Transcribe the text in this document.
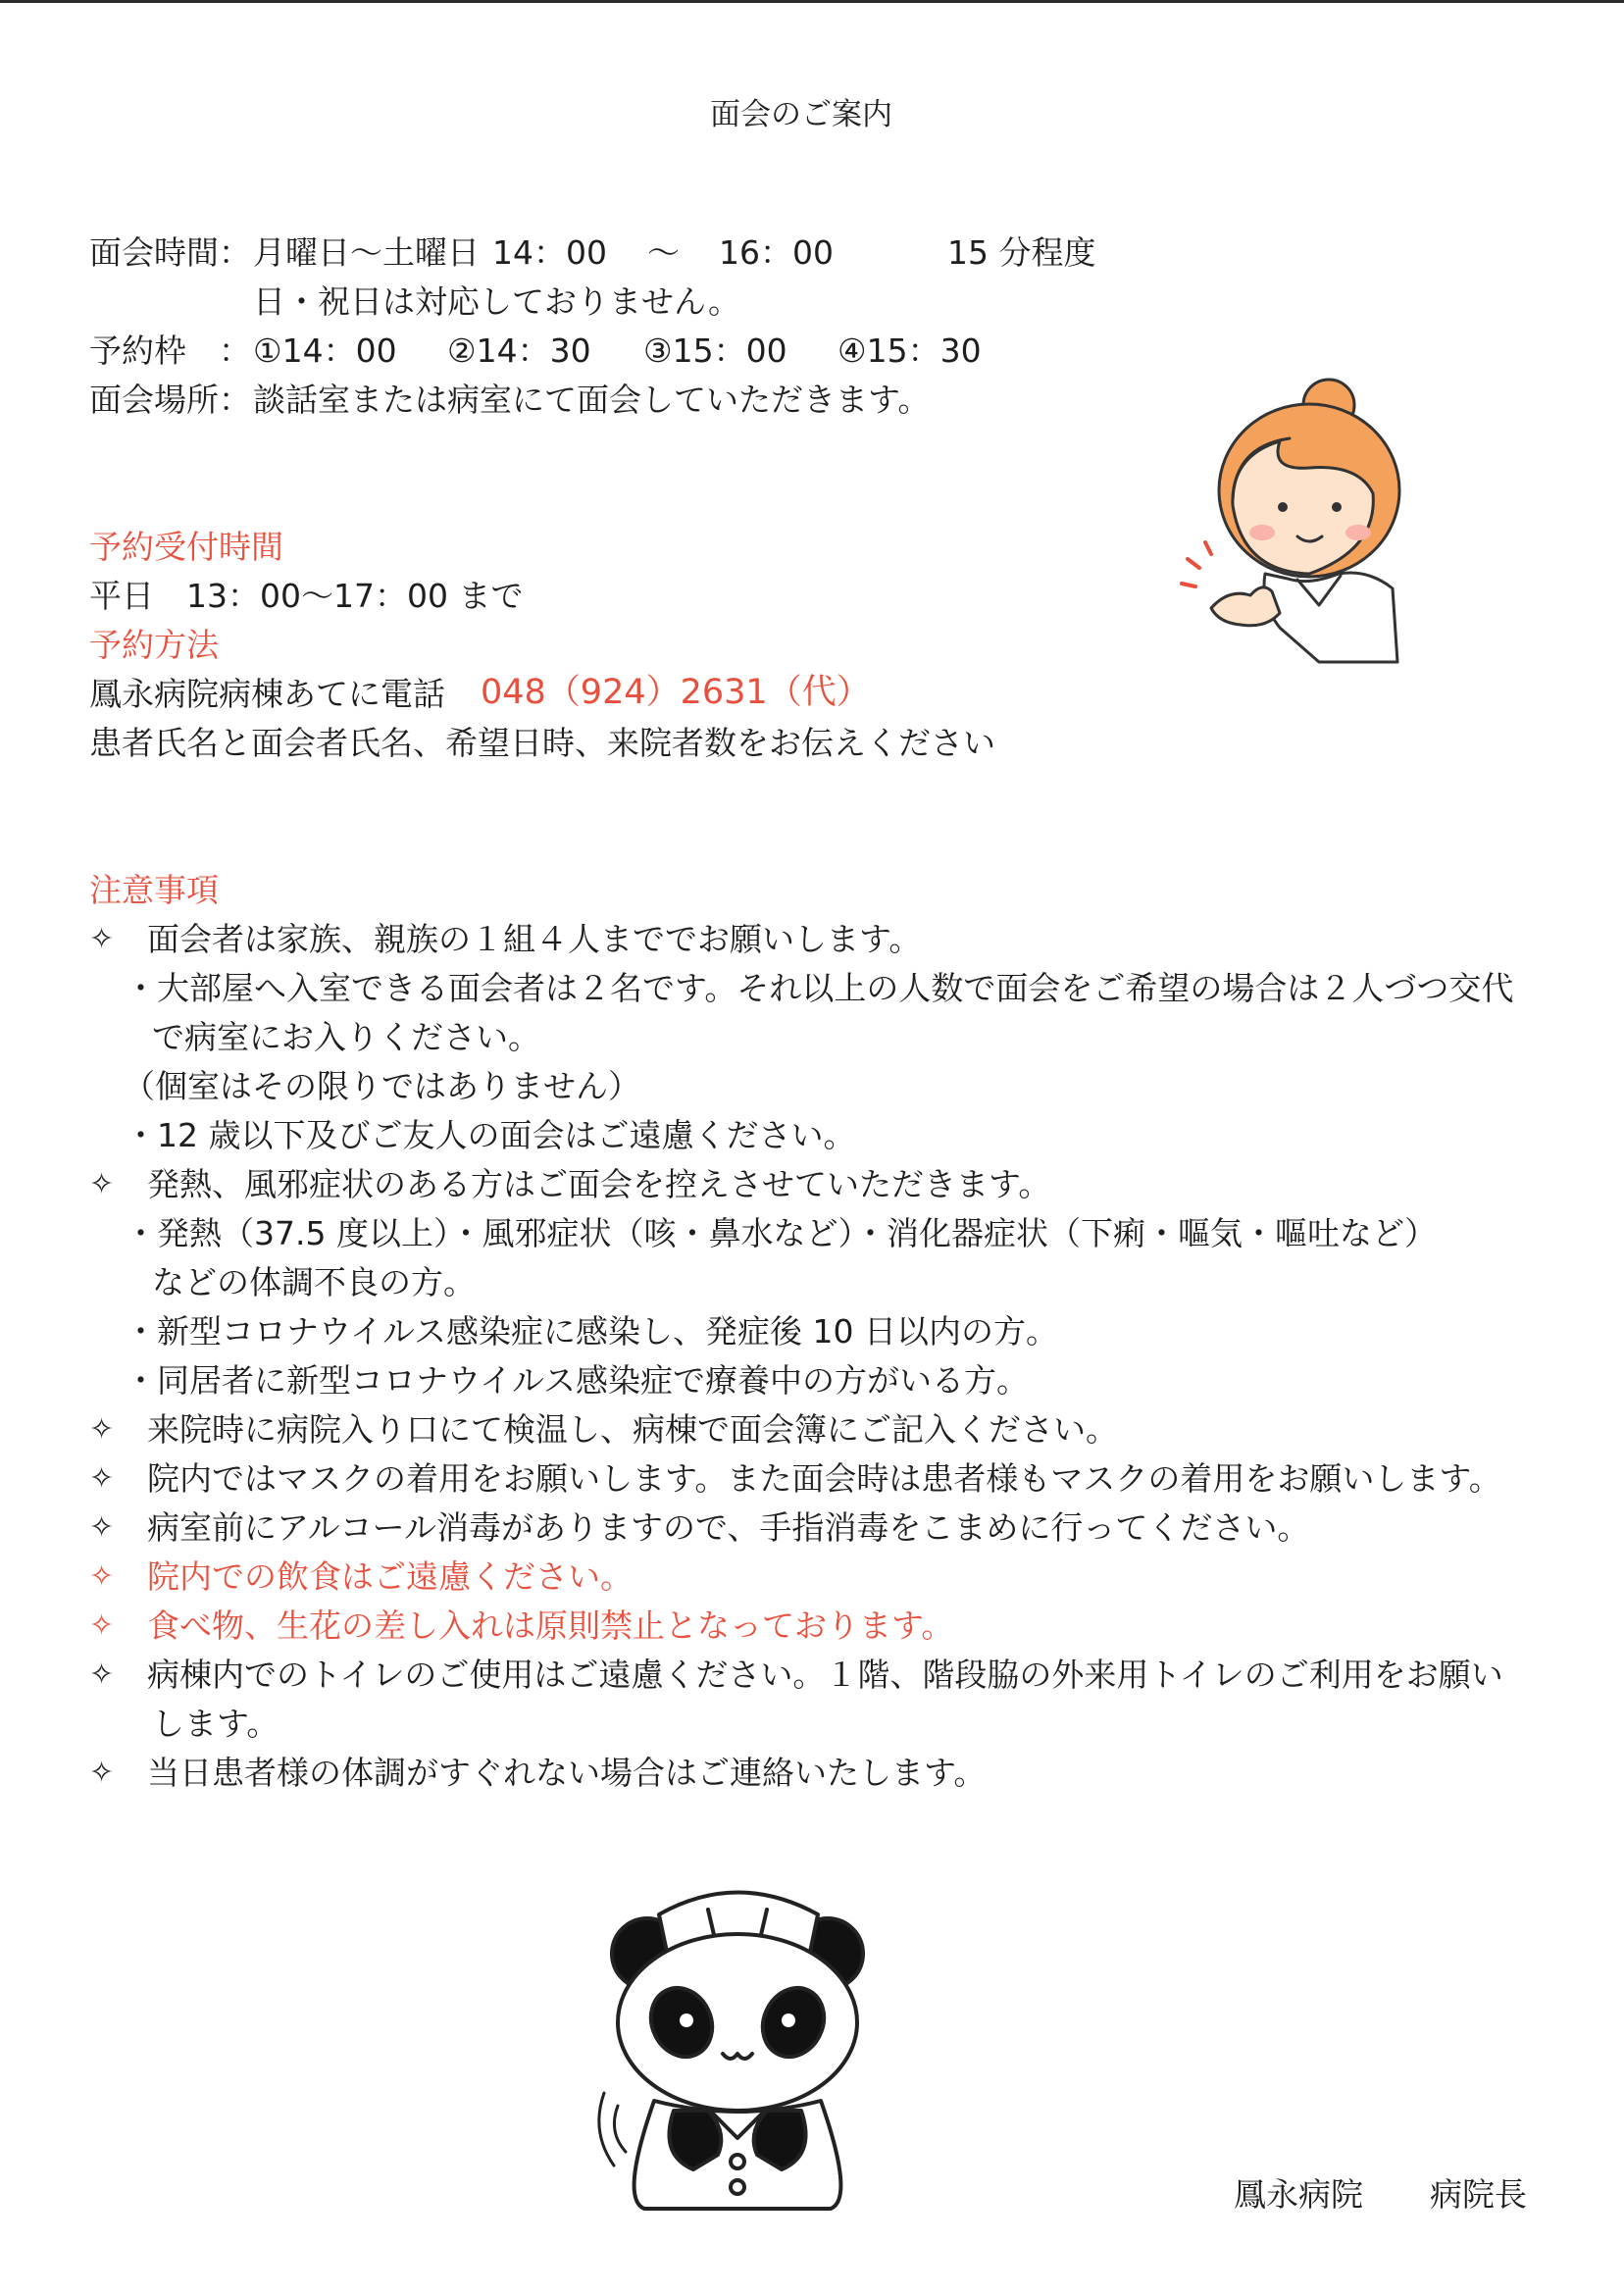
面会のご案内
面会時間： 月曜日～土曜日 14：00 ～ 16：00	15 分程度
日・祝日は対応しておりません。
予約枠　： ①14：00 ②14：30 ③15：00 ④15：30
面会場所： 談話室または病室にて面会していただきます。
予約受付時間
平日　13：00～17：00 まで
予約方法
鳳永病院病棟あてに電話 048（924）2631（代）
患者氏名と面会者氏名、希望日時、来院者数をお伝えください
注意事項
✧ 面会者は家族、親族の１組４人まででお願いします。
・大部屋へ入室できる面会者は２名です。それ以上の人数で面会をご希望の場合は２人づつ交代
で病室にお入りください。
（個室はその限りではありません）
・12 歳以下及びご友人の面会はご遠慮ください。
✧ 発熱、風邪症状のある方はご面会を控えさせていただきます。
・発熱（37.5 度以上）・風邪症状（咳・鼻水など）・消化器症状（下痢・嘔気・嘔吐など）
などの体調不良の方。
・新型コロナウイルス感染症に感染し、発症後 10 日以内の方。
・同居者に新型コロナウイルス感染症で療養中の方がいる方。
✧ 来院時に病院入り口にて検温し、病棟で面会簿にご記入ください。
✧ 院内ではマスクの着用をお願いします。また面会時は患者様もマスクの着用をお願いします。
✧ 病室前にアルコール消毒がありますので、手指消毒をこまめに行ってください。
✧ 院内での飲食はご遠慮ください。
✧ 食べ物、生花の差し入れは原則禁止となっております。
✧ 病棟内でのトイレのご使用はご遠慮ください。１階、階段脇の外来用トイレのご利用をお願い
します。
✧ 当日患者様の体調がすぐれない場合はご連絡いたします。
鳳永病院 病院長
